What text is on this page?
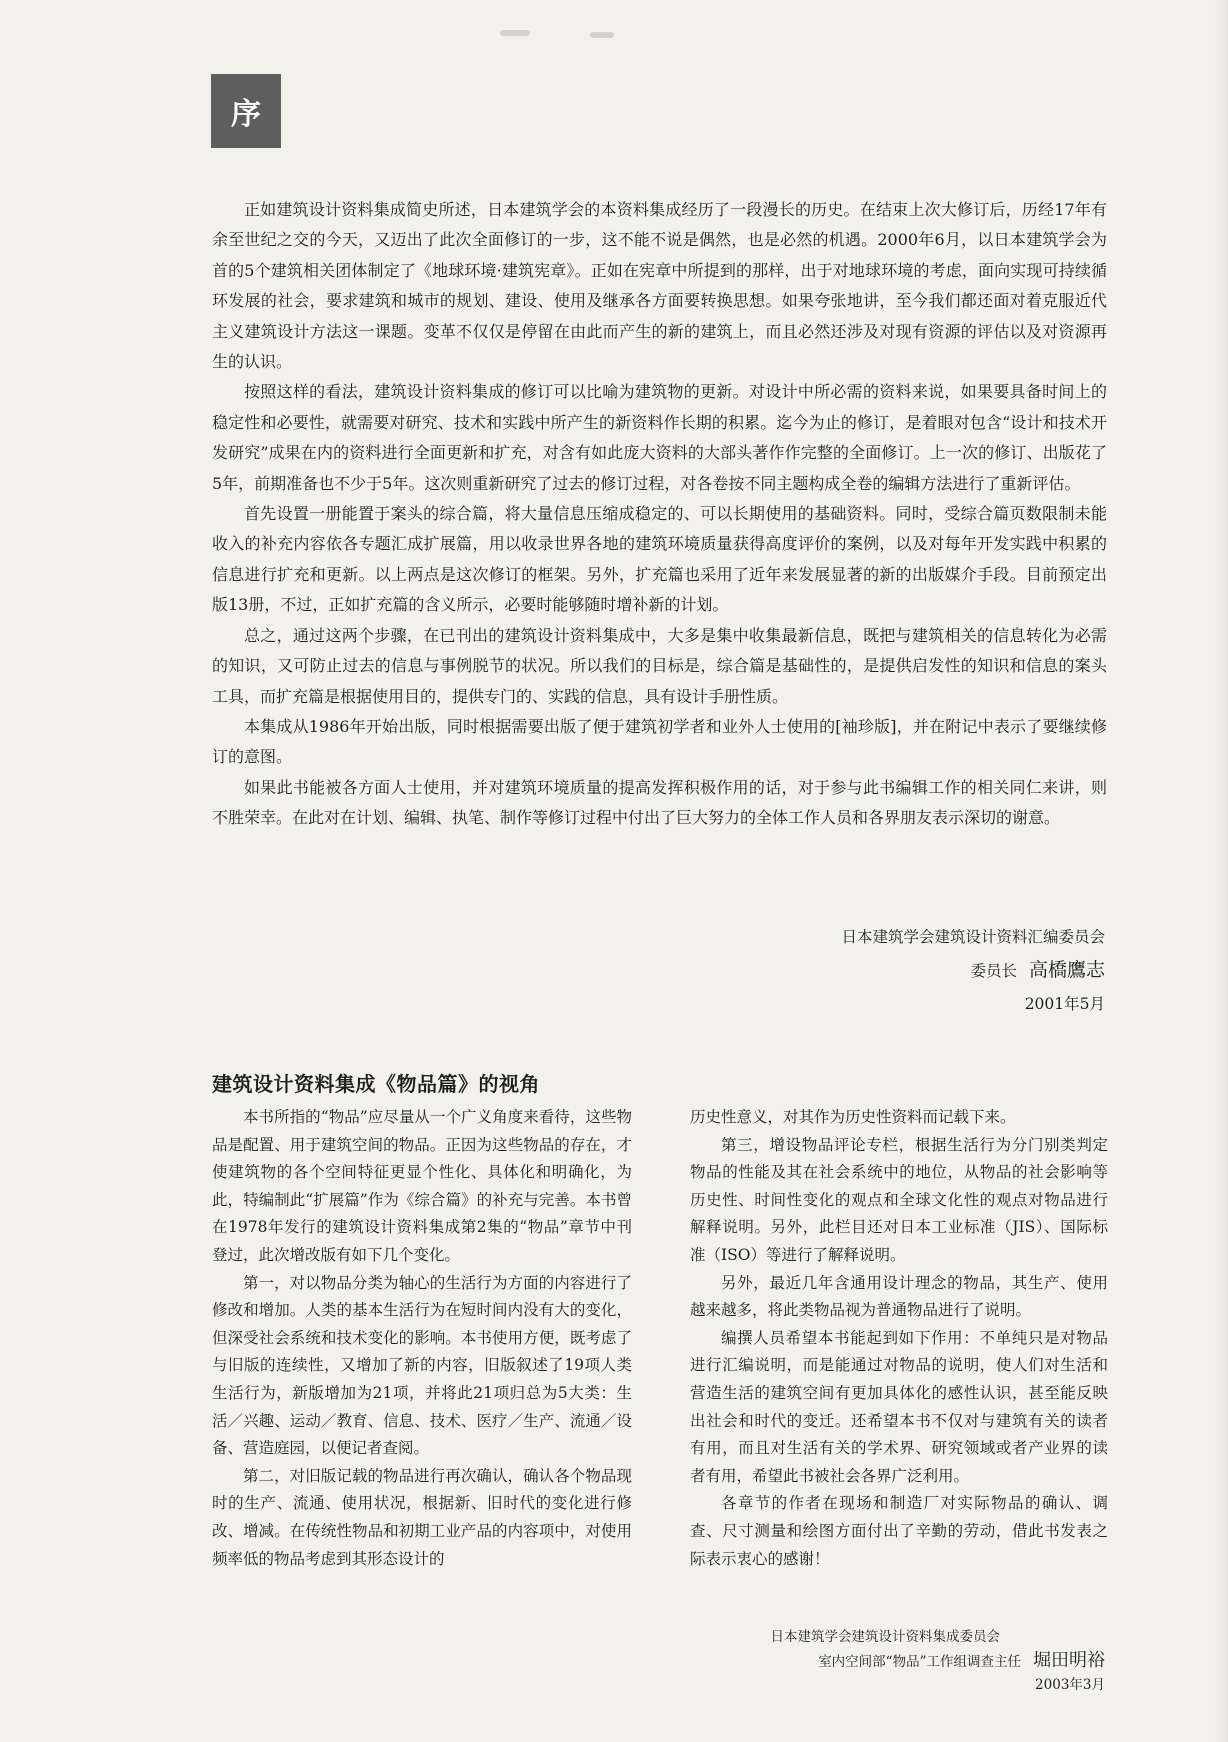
序

正如建筑设计资料集成简史所述，日本建筑学会的本资料集成经历了一段漫长的历史。在结束上次大修订后，历经17年有余至世纪之交的今天，又迈出了此次全面修订的一步，这不能不说是偶然，也是必然的机遇。2000年6月，以日本建筑学会为首的5个建筑相关团体制定了《地球环境·建筑宪章》。正如在宪章中所提到的那样，出于对地球环境的考虑，面向实现可持续循环发展的社会，要求建筑和城市的规划、建设、使用及继承各方面要转换思想。如果夸张地讲，至今我们都还面对着克服近代主义建筑设计方法这一课题。变革不仅仅是停留在由此而产生的新的建筑上，而且必然还涉及对现有资源的评估以及对资源再生的认识。

按照这样的看法，建筑设计资料集成的修订可以比喻为建筑物的更新。对设计中所必需的资料来说，如果要具备时间上的稳定性和必要性，就需要对研究、技术和实践中所产生的新资料作长期的积累。迄今为止的修订，是着眼对包含“设计和技术开发研究”成果在内的资料进行全面更新和扩充，对含有如此庞大资料的大部头著作作完整的全面修订。上一次的修订、出版花了5年，前期准备也不少于5年。这次则重新研究了过去的修订过程，对各卷按不同主题构成全卷的编辑方法进行了重新评估。

首先设置一册能置于案头的综合篇，将大量信息压缩成稳定的、可以长期使用的基础资料。同时，受综合篇页数限制未能收入的补充内容依各专题汇成扩展篇，用以收录世界各地的建筑环境质量获得高度评价的案例，以及对每年开发实践中积累的信息进行扩充和更新。以上两点是这次修订的框架。另外，扩充篇也采用了近年来发展显著的新的出版媒介手段。目前预定出版13册，不过，正如扩充篇的含义所示，必要时能够随时增补新的计划。

总之，通过这两个步骤，在已刊出的建筑设计资料集成中，大多是集中收集最新信息，既把与建筑相关的信息转化为必需的知识，又可防止过去的信息与事例脱节的状况。所以我们的目标是，综合篇是基础性的，是提供启发性的知识和信息的案头工具，而扩充篇是根据使用目的，提供专门的、实践的信息，具有设计手册性质。

本集成从1986年开始出版，同时根据需要出版了便于建筑初学者和业外人士使用的[袖珍版]，并在附记中表示了要继续修订的意图。

如果此书能被各方面人士使用，并对建筑环境质量的提高发挥积极作用的话，对于参与此书编辑工作的相关同仁来讲，则不胜荣幸。在此对在计划、编辑、执笔、制作等修订过程中付出了巨大努力的全体工作人员和各界朋友表示深切的谢意。

日本建筑学会建筑设计资料汇编委员会
委员长 高橋鷹志
2001年5月
建筑设计资料集成《物品篇》的视角

本书所指的“物品”应尽量从一个广义角度来看待，这些物品是配置、用于建筑空间的物品。正因为这些物品的存在，才使建筑物的各个空间特征更显个性化、具体化和明确化，为此，特编制此“扩展篇”作为《综合篇》的补充与完善。本书曾在1978年发行的建筑设计资料集成第2集的“物品”章节中刊登过，此次增改版有如下几个变化。

第一，对以物品分类为轴心的生活行为方面的内容进行了修改和增加。人类的基本生活行为在短时间内没有大的变化，但深受社会系统和技术变化的影响。本书使用方便，既考虑了与旧版的连续性，又增加了新的内容，旧版叙述了19项人类生活行为，新版增加为21项，并将此21项归总为5大类：生活／兴趣、运动／教育、信息、技术、医疗／生产、流通／设备、营造庭园，以便记者查阅。

第二，对旧版记载的物品进行再次确认，确认各个物品现时的生产、流通、使用状况，根据新、旧时代的变化进行修改、增减。在传统性物品和初期工业产品的内容项中，对使用频率低的物品考虑到其形态设计的

历史性意义，对其作为历史性资料而记载下来。

第三，增设物品评论专栏，根据生活行为分门别类判定物品的性能及其在社会系统中的地位，从物品的社会影响等历史性、时间性变化的观点和全球文化性的观点对物品进行解释说明。另外，此栏目还对日本工业标准（JIS）、国际标准（ISO）等进行了解释说明。

另外，最近几年含通用设计理念的物品，其生产、使用越来越多，将此类物品视为普通物品进行了说明。

编撰人员希望本书能起到如下作用：不单纯只是对物品进行汇编说明，而是能通过对物品的说明，使人们对生活和营造生活的建筑空间有更加具体化的感性认识，甚至能反映出社会和时代的变迁。还希望本书不仅对与建筑有关的读者有用，而且对生活有关的学术界、研究领域或者产业界的读者有用，希望此书被社会各界广泛利用。

各章节的作者在现场和制造厂对实际物品的确认、调查、尺寸测量和绘图方面付出了辛勤的劳动，借此书发表之际表示衷心的感谢！

日本建筑学会建筑设计资料集成委员会
室内空间部“物品”工作组调查主任 堀田明裕
2003年3月
